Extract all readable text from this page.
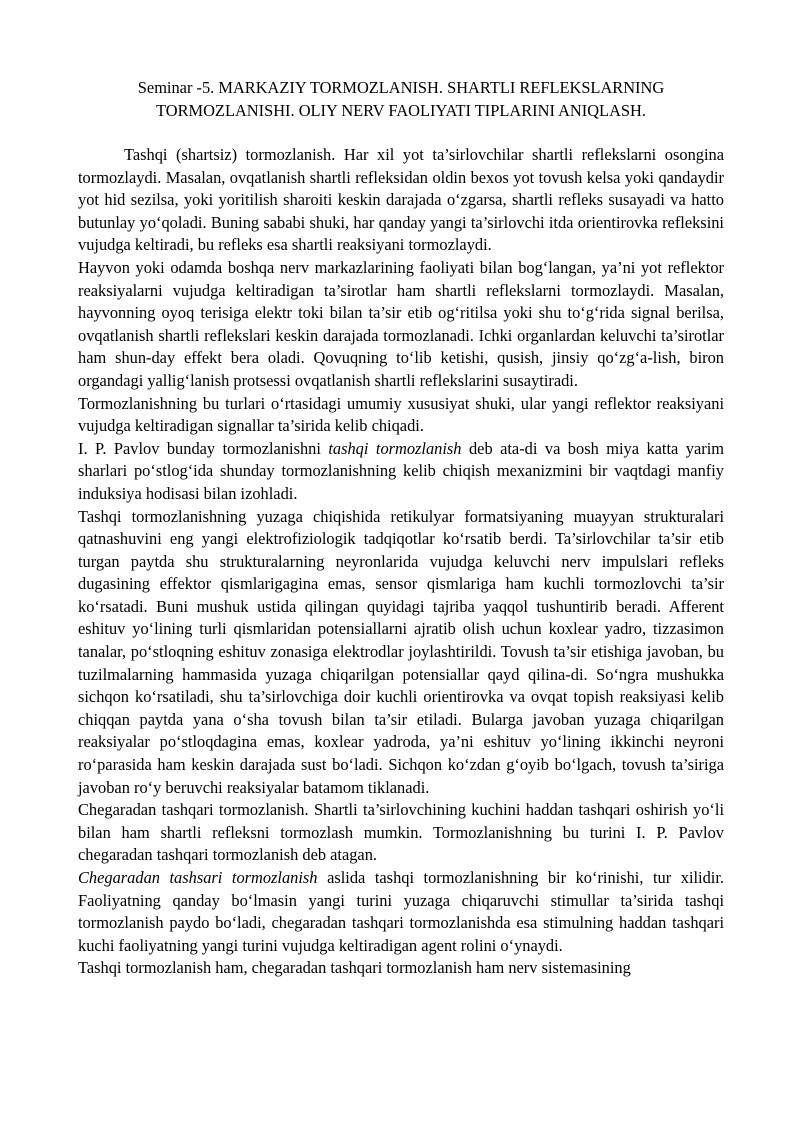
Seminar -5. MARKAZIY TORMOZLANISH. SHARTLI REFLEKSLARNING
TORMOZLANISHI. OLIY NERV FAOLIYATI TIPLARINI ANIQLASH.

Tashqi (shartsiz) tormozlanish. Har xil yot ta’sirlovchilar shartli reflekslarni osongina tormozlaydi. Masalan, ovqatlanish shartli refleksidan oldin bexos yot tovush kelsa yoki qandaydir yot hid sezilsa, yoki yoritilish sharoiti keskin darajada o‘zgarsa, shartli refleks susayadi va hatto butunlay yo‘qoladi. Buning sababi shuki, har qanday yangi ta’sirlovchi itda orientirovka refleksini vujudga keltiradi, bu refleks esa shartli reaksiyani tormozlaydi.

Hayvon yoki odamda boshqa nerv markazlarining faoliyati bilan bog‘langan, ya’ni yot reflektor reaksiyalarni vujudga keltiradigan ta’sirotlar ham shartli reflekslarni tormozlaydi. Masalan, hayvonning oyoq terisiga elektr toki bilan ta’sir etib og‘ritilsa yoki shu to‘g‘rida signal berilsa, ovqatlanish shartli reflekslari keskin darajada tormozlanadi. Ichki organlardan keluvchi ta’sirotlar ham shun-day effekt bera oladi. Qovuqning to‘lib ketishi, qusish, jinsiy qo‘zg‘a-lish, biron organdagi yallig‘lanish protsessi ovqatlanish shartli reflekslarini susaytiradi.

Tormozlanishning bu turlari o‘rtasidagi umumiy xususiyat shuki, ular yangi reflektor reaksiyani vujudga keltiradigan signallar ta’sirida kelib chiqadi.

I. P. Pavlov bunday tormozlanishni tashqi tormozlanish deb ata-di va bosh miya katta yarim sharlari po‘stlog‘ida shunday tormozlanishning kelib chiqish mexanizmini bir vaqtdagi manfiy induksiya hodisasi bilan izohladi.

Tashqi tormozlanishning yuzaga chiqishida retikulyar formatsiyaning muayyan strukturalari qatnashuvini eng yangi elektrofiziologik tadqiqotlar ko‘rsatib berdi. Ta’sirlovchilar ta’sir etib turgan paytda shu strukturalarning neyronlarida vujudga keluvchi nerv impulslari refleks dugasining effektor qismlarigagina emas, sensor qismlariga ham kuchli tormozlovchi ta’sir ko‘rsatadi. Buni mushuk ustida qilingan quyidagi tajriba yaqqol tushuntirib beradi. Afferent eshituv yo‘lining turli qismlaridan potensiallarni ajratib olish uchun koxlear yadro, tizzasimon tanalar, po‘stloqning eshituv zonasiga elektrodlar joylashtirildi. Tovush ta’sir etishiga javoban, bu tuzilmalarning hammasida yuzaga chiqarilgan potensiallar qayd qilina-di. So‘ngra mushukka sichqon ko‘rsatiladi, shu ta’sirlovchiga doir kuchli orientirovka va ovqat topish reaksiyasi kelib chiqqan paytda yana o‘sha tovush bilan ta’sir etiladi. Bularga javoban yuzaga chiqarilgan reaksiyalar po‘stloqdagina emas, koxlear yadroda, ya’ni eshituv yo‘lining ikkinchi neyroni ro‘parasida ham keskin darajada sust bo‘ladi. Sichqon ko‘zdan g‘oyib bo‘lgach, tovush ta’siriga javoban ro‘y beruvchi reaksiyalar batamom tiklanadi.

Chegaradan tashqari tormozlanish. Shartli ta’sirlovchining kuchini haddan tashqari oshirish yo‘li bilan ham shartli refleksni tormozlash mumkin. Tormozlanishning bu turini I. P. Pavlov chegaradan tashqari tormozlanish deb atagan.

Chegaradan tashsari tormozlanish aslida tashqi tormozlanishning bir ko‘rinishi, tur xilidir. Faoliyatning qanday bo‘lmasin yangi turini yuzaga chiqaruvchi stimullar ta’sirida tashqi tormozlanish paydo bo‘ladi, chegaradan tashqari tormozlanishda esa stimulning haddan tashqari kuchi faoliyatning yangi turini vujudga keltiradigan agent rolini o‘ynaydi.

Tashqi tormozlanish ham, chegaradan tashqari tormozlanish ham nerv sistemasining
